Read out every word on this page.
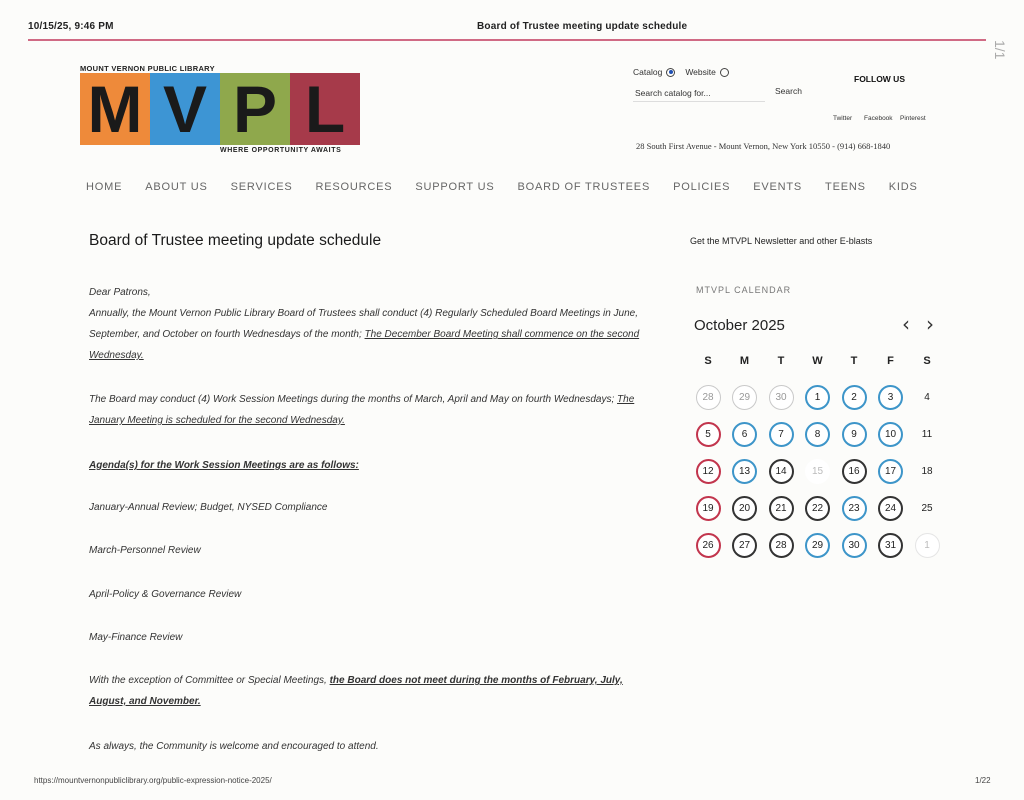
10/15/25, 9:46 PM	Board of Trustee meeting update schedule
1/1
MOUNT VERNON PUBLIC LIBRARY
M V P L
WHERE OPPORTUNITY AWAITS
Catalog	Website
Search catalog for...
Search
FOLLOW US
Twitter Facebook Pinterest
28 South First Avenue - Mount Vernon, New York 10550 - (914) 668-1840
HOME ABOUT US SERVICES RESOURCES SUPPORT US BOARD OF TRUSTEES POLICIES EVENTS TEENS KIDS
Board of Trustee meeting update schedule
Dear Patrons,
Annually, the Mount Vernon Public Library Board of Trustees shall conduct (4) Regularly Scheduled Board Meetings in June, September, and October on fourth Wednesdays of the month; The December Board Meeting shall commence on the second Wednesday.
The Board may conduct (4) Work Session Meetings during the months of March, April and May on fourth Wednesdays; The January Meeting is scheduled for the second Wednesday.
Agenda(s) for the Work Session Meetings are as follows:
January-Annual Review; Budget, NYSED Compliance
March-Personnel Review
April-Policy & Governance Review
May-Finance Review
With the exception of Committee or Special Meetings, the Board does not meet during the months of February, July, August, and November.
As always, the Community is welcome and encouraged to attend.
Get the MTVPL Newsletter and other E-blasts
MTVPL CALENDAR
October 2025	‹ ›
S	M	T	W	T	F	S
28	29	30	1	2	3	4
5	6	7	8	9	10	11
12	13	14	15	16	17	18
19	20	21	22	23	24	25
26	27	28	29	30	31	1
https://mountvernonpubliclibrary.org/public-expression-notice-2025/	1/22
